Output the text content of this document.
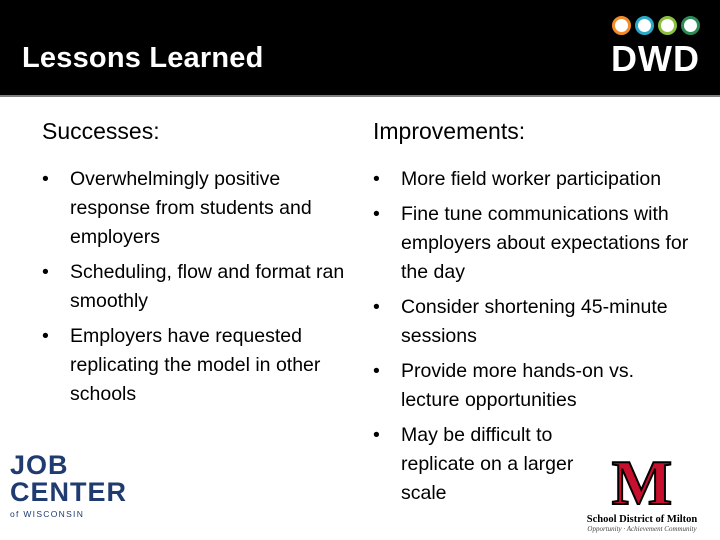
Lessons Learned	DWD
Successes:
• Overwhelmingly positive response from students and employers
• Scheduling, flow and format ran smoothly
• Employers have requested replicating the model in other schools
Improvements:
• More field worker participation
• Fine tune communications with employers about expectations for the day
• Consider shortening 45-minute sessions
• Provide more hands-on vs. lecture opportunities
• May be difficult to replicate on a larger scale
JOB
CENTER
of WISCONSIN	M
School District of Milton
Opportunity · Achievement Community
